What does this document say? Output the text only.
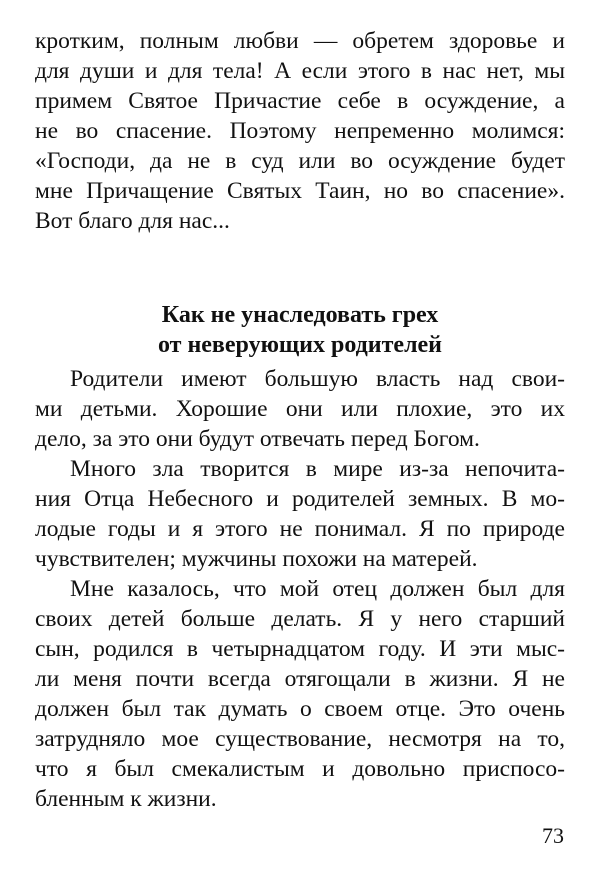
кротким, полным любви — обретем здоровье и
для души и для тела! А если этого в нас нет, мы
примем Святое Причастие себе в осуждение, а
не во спасение. Поэтому непременно молимся:
«Господи, да не в суд или во осуждение будет
мне Причащение Святых Таин, но во спасение».
Вот благо для нас...
Как не унаследовать грех
от неверующих родителей
Родители имеют большую власть над свои-
ми детьми. Хорошие они или плохие, это их
дело, за это они будут отвечать перед Богом.
Много зла творится в мире из-за непочита-
ния Отца Небесного и родителей земных. В мо-
лодые годы и я этого не понимал. Я по природе
чувствителен; мужчины похожи на матерей.
Мне казалось, что мой отец должен был для
своих детей больше делать. Я у него старший
сын, родился в четырнадцатом году. И эти мыс-
ли меня почти всегда отягощали в жизни. Я не
должен был так думать о своем отце. Это очень
затрудняло мое существование, несмотря на то,
что я был смекалистым и довольно приспосо-
бленным к жизни.
73
